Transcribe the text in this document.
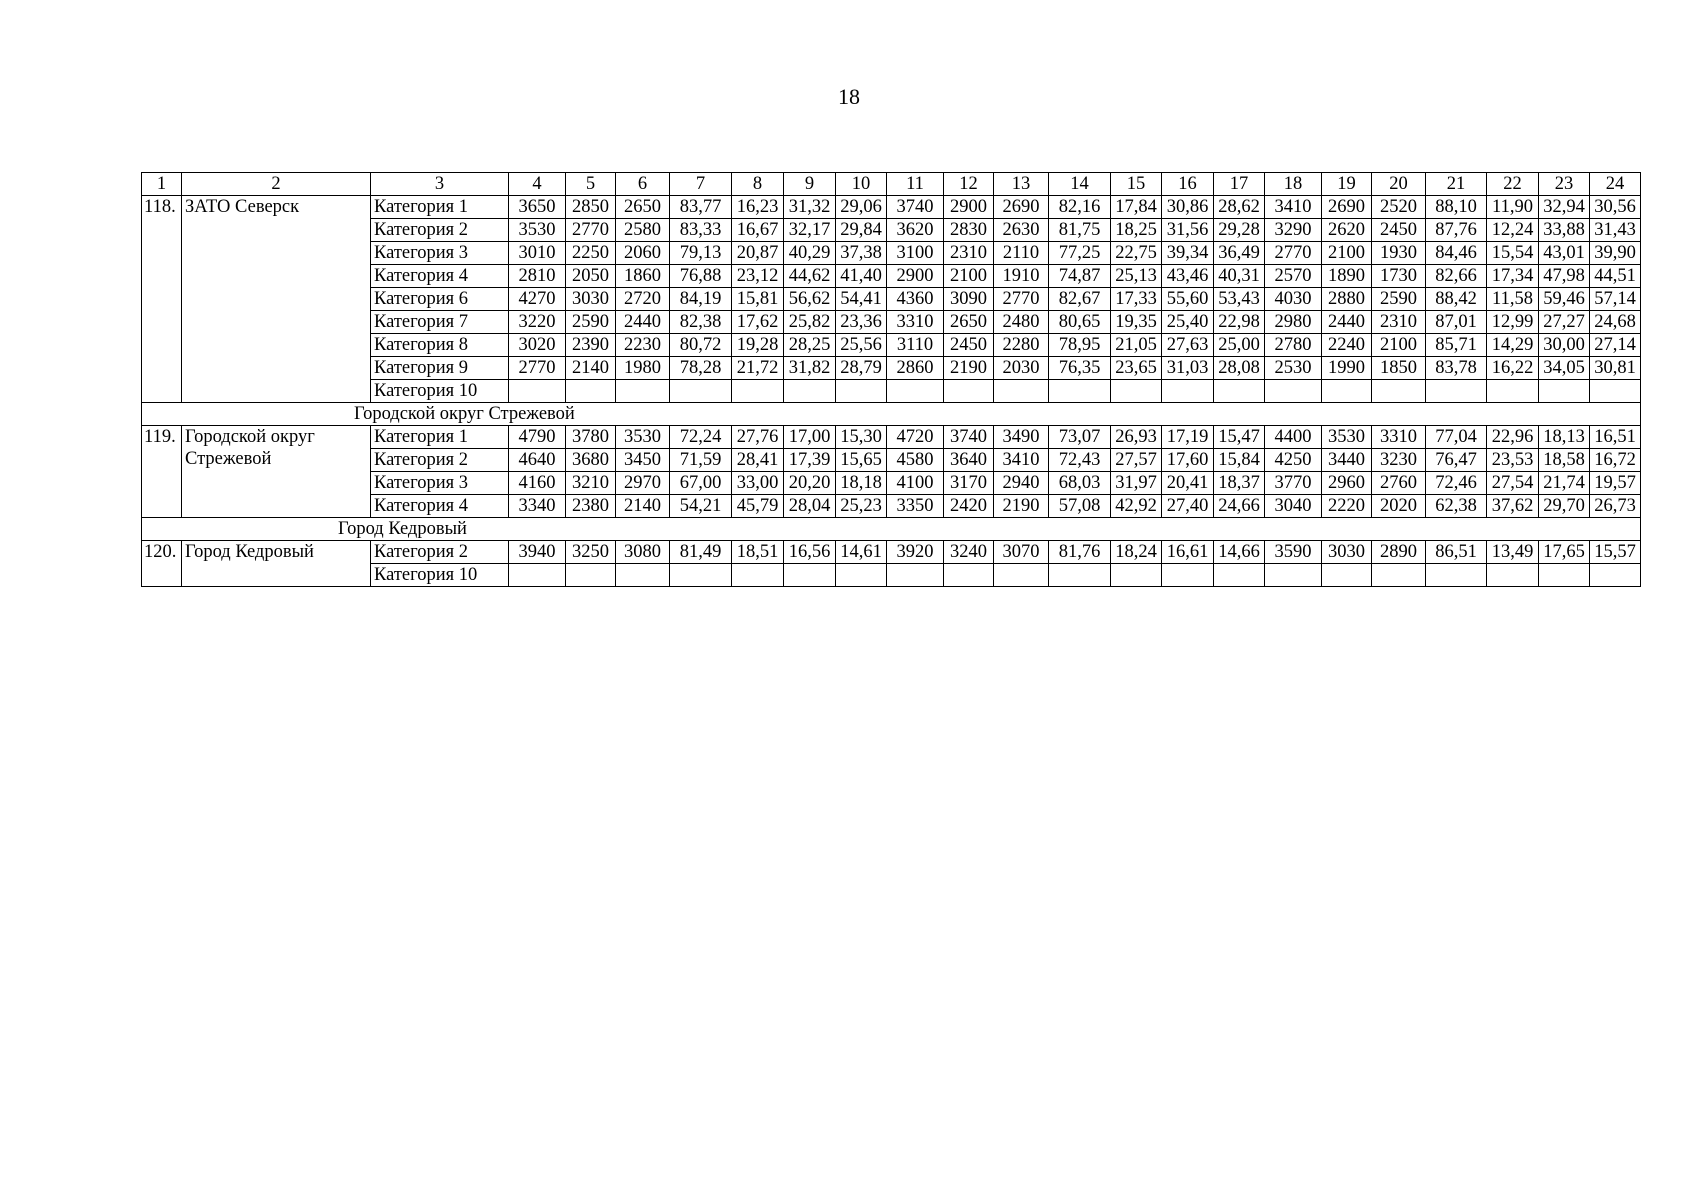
18
1	2	3	4	5	6	7	8	9	10	11	12	13	14	15	16	17	18	19	20	21	22	23	24
118.	ЗАТО Северск	Категория 1	3650	2850	2650	83,77	16,23	31,32	29,06	3740	2900	2690	82,16	17,84	30,86	28,62	3410	2690	2520	88,10	11,90	32,94	30,56
		Категория 2	3530	2770	2580	83,33	16,67	32,17	29,84	3620	2830	2630	81,75	18,25	31,56	29,28	3290	2620	2450	87,76	12,24	33,88	31,43
		Категория 3	3010	2250	2060	79,13	20,87	40,29	37,38	3100	2310	2110	77,25	22,75	39,34	36,49	2770	2100	1930	84,46	15,54	43,01	39,90
		Категория 4	2810	2050	1860	76,88	23,12	44,62	41,40	2900	2100	1910	74,87	25,13	43,46	40,31	2570	1890	1730	82,66	17,34	47,98	44,51
		Категория 6	4270	3030	2720	84,19	15,81	56,62	54,41	4360	3090	2770	82,67	17,33	55,60	53,43	4030	2880	2590	88,42	11,58	59,46	57,14
		Категория 7	3220	2590	2440	82,38	17,62	25,82	23,36	3310	2650	2480	80,65	19,35	25,40	22,98	2980	2440	2310	87,01	12,99	27,27	24,68
		Категория 8	3020	2390	2230	80,72	19,28	28,25	25,56	3110	2450	2280	78,95	21,05	27,63	25,00	2780	2240	2100	85,71	14,29	30,00	27,14
		Категория 9	2770	2140	1980	78,28	21,72	31,82	28,79	2860	2190	2030	76,35	23,65	31,03	28,08	2530	1990	1850	83,78	16,22	34,05	30,81
		Категория 10																					
Городской округ Стрежевой																							
119.	Городской округ Стрежевой	Категория 1	4790	3780	3530	72,24	27,76	17,00	15,30	4720	3740	3490	73,07	26,93	17,19	15,47	4400	3530	3310	77,04	22,96	18,13	16,51
		Категория 2	4640	3680	3450	71,59	28,41	17,39	15,65	4580	3640	3410	72,43	27,57	17,60	15,84	4250	3440	3230	76,47	23,53	18,58	16,72
		Категория 3	4160	3210	2970	67,00	33,00	20,20	18,18	4100	3170	2940	68,03	31,97	20,41	18,37	3770	2960	2760	72,46	27,54	21,74	19,57
		Категория 4	3340	2380	2140	54,21	45,79	28,04	25,23	3350	2420	2190	57,08	42,92	27,40	24,66	3040	2220	2020	62,38	37,62	29,70	26,73
Город Кедровый																							
120.	Город Кедровый	Категория 2	3940	3250	3080	81,49	18,51	16,56	14,61	3920	3240	3070	81,76	18,24	16,61	14,66	3590	3030	2890	86,51	13,49	17,65	15,57
		Категория 10																					
